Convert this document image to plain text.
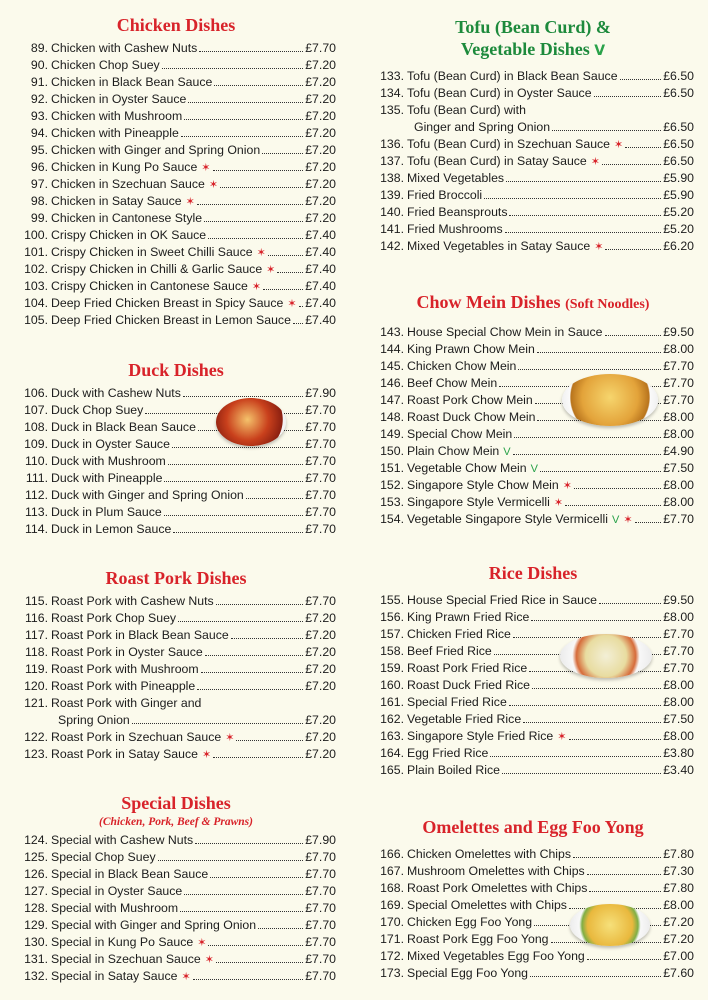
Chicken Dishes
89. Chicken with Cashew Nuts	£7.70
90. Chicken Chop Suey	£7.20
91. Chicken in Black Bean Sauce	£7.20
92. Chicken in Oyster Sauce	£7.20
93. Chicken with Mushroom	£7.20
94. Chicken with Pineapple	£7.20
95. Chicken with Ginger and Spring Onion	£7.20
96. Chicken in Kung Po Sauce ✶	£7.20
97. Chicken in Szechuan Sauce ✶	£7.20
98. Chicken in Satay Sauce ✶	£7.20
99. Chicken in Cantonese Style	£7.20
100. Crispy Chicken in OK Sauce	£7.40
101. Crispy Chicken in Sweet Chilli Sauce ✶	£7.40
102. Crispy Chicken in Chilli & Garlic Sauce ✶ £7.40
103. Crispy Chicken in Cantonese Sauce ✶	£7.40
104. Deep Fried Chicken Breast in Spicy Sauce ✶ £7.40
105. Deep Fried Chicken Breast in Lemon Sauce £7.40
Duck Dishes
106. Duck with Cashew Nuts	£7.90
107. Duck Chop Suey	£7.70
108. Duck in Black Bean Sauce	£7.70
109. Duck in Oyster Sauce	£7.70
110. Duck with Mushroom	£7.70
111. Duck with Pineapple	£7.70
112. Duck with Ginger and Spring Onion	£7.70
113. Duck in Plum Sauce	£7.70
114. Duck in Lemon Sauce	£7.70
Roast Pork Dishes
115. Roast Pork with Cashew Nuts	£7.70
116. Roast Pork Chop Suey	£7.20
117. Roast Pork in Black Bean Sauce	£7.20
118. Roast Pork in Oyster Sauce	£7.20
119. Roast Pork with Mushroom	£7.20
120. Roast Pork with Pineapple	£7.20
121. Roast Pork with Ginger and
Spring Onion	£7.20
122. Roast Pork in Szechuan Sauce ✶	£7.20
123. Roast Pork in Satay Sauce ✶	£7.20
Special Dishes
(Chicken, Pork, Beef & Prawns)
124. Special with Cashew Nuts	£7.90
125. Special Chop Suey	£7.70
126. Special in Black Bean Sauce	£7.70
127. Special in Oyster Sauce	£7.70
128. Special with Mushroom	£7.70
129. Special with Ginger and Spring Onion	£7.70
130. Special in Kung Po Sauce ✶	£7.70
131. Special in Szechuan Sauce ✶	£7.70
132. Special in Satay Sauce ✶	£7.70
Tofu (Bean Curd) &
Vegetable Dishes V
133. Tofu (Bean Curd) in Black Bean Sauce	£6.50
134. Tofu (Bean Curd) in Oyster Sauce	£6.50
135. Tofu (Bean Curd) with
Ginger and Spring Onion	£6.50
136. Tofu (Bean Curd) in Szechuan Sauce ✶	£6.50
137. Tofu (Bean Curd) in Satay Sauce ✶	£6.50
138. Mixed Vegetables	£5.90
139. Fried Broccoli	£5.90
140. Fried Beansprouts	£5.20
141. Fried Mushrooms	£5.20
142. Mixed Vegetables in Satay Sauce ✶	£6.20
Chow Mein Dishes (Soft Noodles)
143. House Special Chow Mein in Sauce	£9.50
144. King Prawn Chow Mein	£8.00
145. Chicken Chow Mein	£7.70
146. Beef Chow Mein	£7.70
147. Roast Pork Chow Mein	£7.70
148. Roast Duck Chow Mein	£8.00
149. Special Chow Mein	£8.00
150. Plain Chow Mein V	£4.90
151. Vegetable Chow Mein V	£7.50
152. Singapore Style Chow Mein ✶	£8.00
153. Singapore Style Vermicelli ✶	£8.00
154. Vegetable Singapore Style Vermicelli V ✶ £7.70
Rice Dishes
155. House Special Fried Rice in Sauce	£9.50
156. King Prawn Fried Rice	£8.00
157. Chicken Fried Rice	£7.70
158. Beef Fried Rice	£7.70
159. Roast Pork Fried Rice	£7.70
160. Roast Duck Fried Rice	£8.00
161. Special Fried Rice	£8.00
162. Vegetable Fried Rice	£7.50
163. Singapore Style Fried Rice ✶	£8.00
164. Egg Fried Rice	£3.80
165. Plain Boiled Rice	£3.40
Omelettes and Egg Foo Yong
166. Chicken Omelettes with Chips	£7.80
167. Mushroom Omelettes with Chips	£7.30
168. Roast Pork Omelettes with Chips	£7.80
169. Special Omelettes with Chips	£8.00
170. Chicken Egg Foo Yong	£7.20
171. Roast Pork Egg Foo Yong	£7.20
172. Mixed Vegetables Egg Foo Yong	£7.00
173. Special Egg Foo Yong	£7.60
